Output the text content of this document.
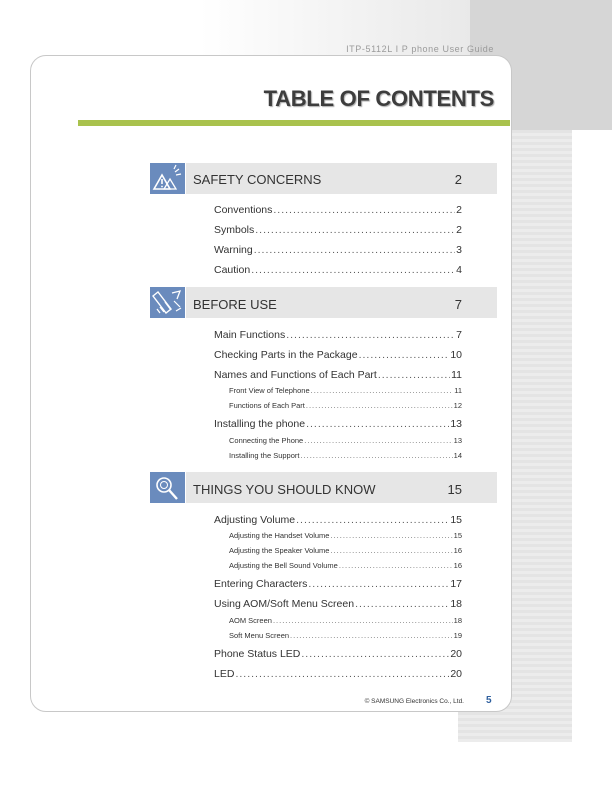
ITP-5112L I P phone User Guide
TABLE OF CONTENTS
SAFETY CONCERNS	2
Conventions .....	2
Symbols .....	2
Warning .....	3
Caution .....	4
BEFORE USE	7
Main Functions .....	7
Checking Parts in the Package .....	10
Names and Functions of Each Part .....	11
Front View of Telephone .....	11
Functions of Each Part .....	12
Installing the phone .....	13
Connecting the Phone .....	13
Installing the Support .....	14
THINGS YOU SHOULD KNOW	15
Adjusting Volume .....	15
Adjusting the Handset Volume .....	15
Adjusting the Speaker Volume .....	16
Adjusting the Bell Sound Volume .....	16
Entering Characters .....	17
Using AOM/Soft Menu Screen .....	18
AOM Screen .....	18
Soft Menu Screen .....	19
Phone Status LED .....	20
LED .....	20
© SAMSUNG Electronics Co., Ltd. 5
